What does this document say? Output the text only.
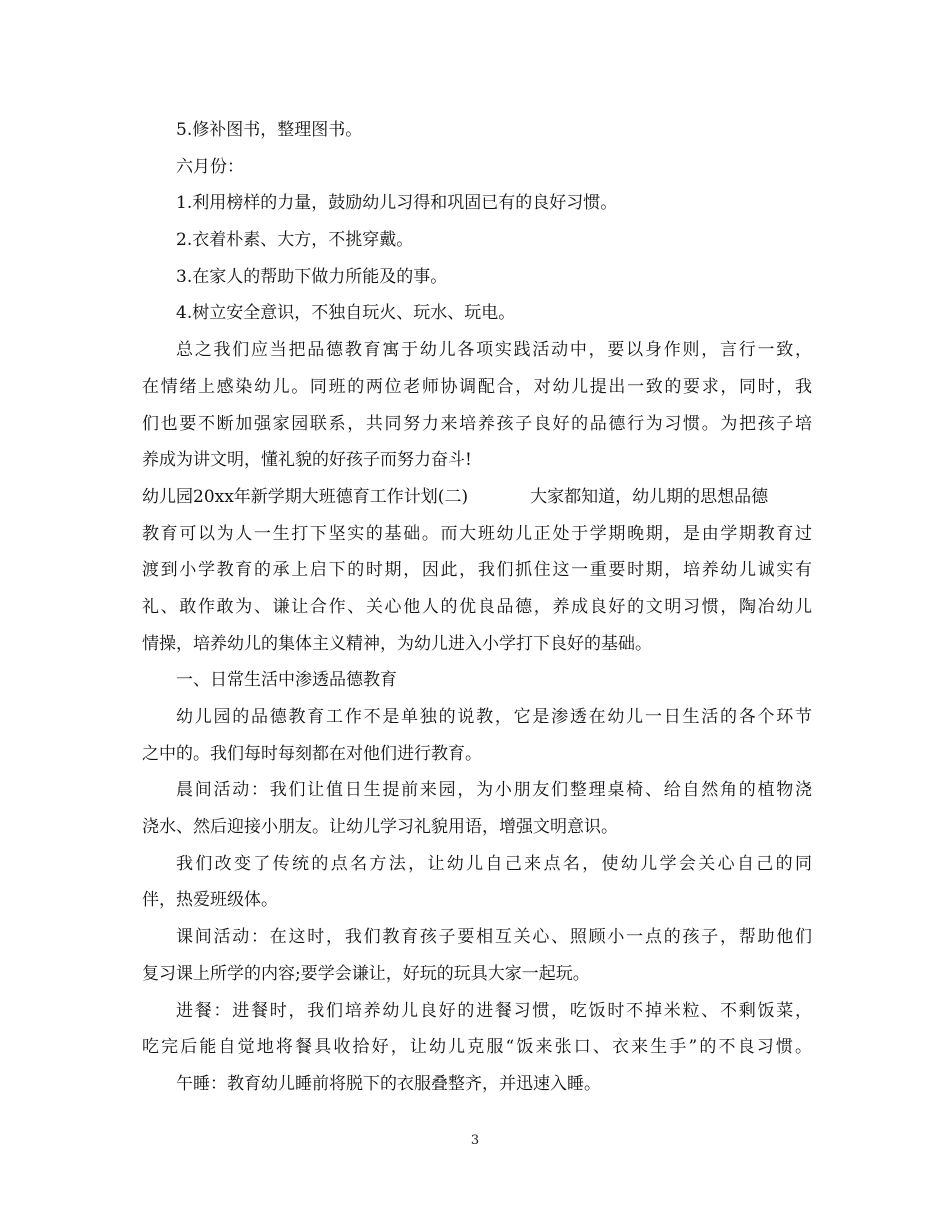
5.修补图书，整理图书。
六月份：
1.利用榜样的力量，鼓励幼儿习得和巩固已有的良好习惯。
2.衣着朴素、大方，不挑穿戴。
3.在家人的帮助下做力所能及的事。
4.树立安全意识，不独自玩火、玩水、玩电。
总之我们应当把品德教育寓于幼儿各项实践活动中，要以身作则，言行一致，
在情绪上感染幼儿。同班的两位老师协调配合，对幼儿提出一致的要求，同时，我
们也要不断加强家园联系，共同努力来培养孩子良好的品德行为习惯。为把孩子培
养成为讲文明，懂礼貌的好孩子而努力奋斗!
幼儿园20xx年新学期大班德育工作计划(二)	大家都知道，幼儿期的思想品德
教育可以为人一生打下坚实的基础。而大班幼儿正处于学期晚期，是由学期教育过
渡到小学教育的承上启下的时期，因此，我们抓住这一重要时期，培养幼儿诚实有
礼、敢作敢为、谦让合作、关心他人的优良品德，养成良好的文明习惯，陶冶幼儿
情操，培养幼儿的集体主义精神，为幼儿进入小学打下良好的基础。
一、日常生活中渗透品德教育
幼儿园的品德教育工作不是单独的说教，它是渗透在幼儿一日生活的各个环节
之中的。我们每时每刻都在对他们进行教育。
晨间活动：我们让值日生提前来园，为小朋友们整理桌椅、给自然角的植物浇
浇水、然后迎接小朋友。让幼儿学习礼貌用语，增强文明意识。
我们改变了传统的点名方法，让幼儿自己来点名，使幼儿学会关心自己的同
伴，热爱班级体。
课间活动：在这时，我们教育孩子要相互关心、照顾小一点的孩子，帮助他们
复习课上所学的内容;要学会谦让，好玩的玩具大家一起玩。
进餐：进餐时，我们培养幼儿良好的进餐习惯，吃饭时不掉米粒、不剩饭菜，
吃完后能自觉地将餐具收拾好，让幼儿克服“饭来张口、衣来生手”的不良习惯。
午睡：教育幼儿睡前将脱下的衣服叠整齐，并迅速入睡。
3
